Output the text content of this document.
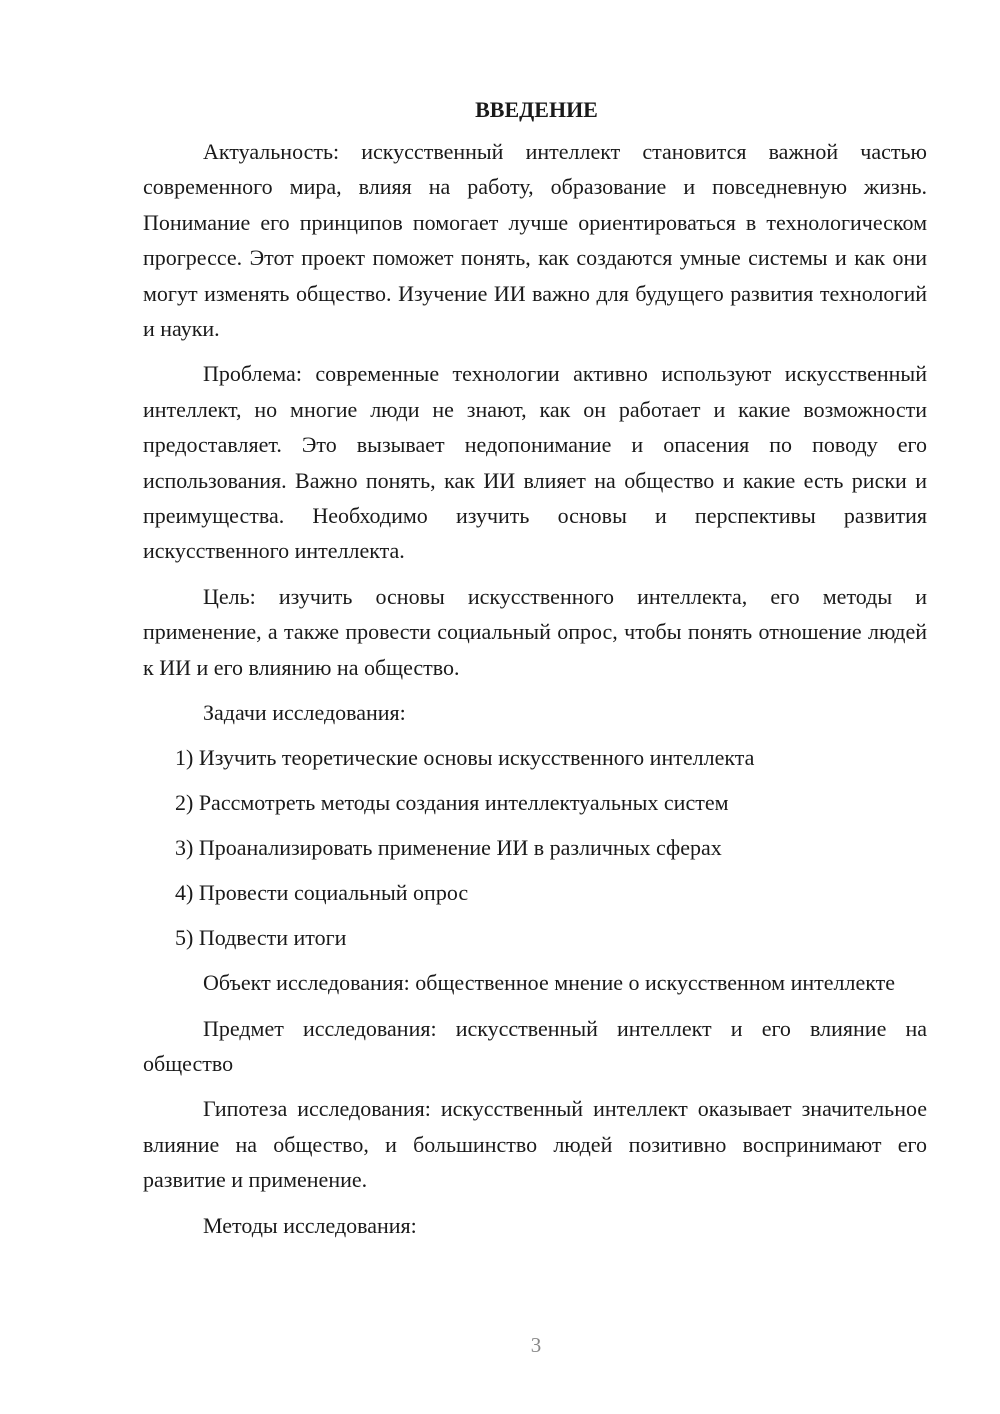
ВВЕДЕНИЕ

Актуальность: искусственный интеллект становится важной частью современного мира, влияя на работу, образование и повседневную жизнь. Понимание его принципов помогает лучше ориентироваться в технологическом прогрессе. Этот проект поможет понять, как создаются умные системы и как они могут изменять общество. Изучение ИИ важно для будущего развития технологий и науки.

Проблема: современные технологии активно используют искусственный интеллект, но многие люди не знают, как он работает и какие возможности предоставляет. Это вызывает недопонимание и опасения по поводу его использования. Важно понять, как ИИ влияет на общество и какие есть риски и преимущества. Необходимо изучить основы и перспективы развития искусственного интеллекта.

Цель: изучить основы искусственного интеллекта, его методы и применение, а также провести социальный опрос, чтобы понять отношение людей к ИИ и его влиянию на общество.

Задачи исследования:

1) Изучить теоретические основы искусственного интеллекта
2) Рассмотреть методы создания интеллектуальных систем
3) Проанализировать применение ИИ в различных сферах
4) Провести социальный опрос
5) Подвести итоги

Объект исследования: общественное мнение о искусственном интеллекте

Предмет исследования: искусственный интеллект и его влияние на общество

Гипотеза исследования: искусственный интеллект оказывает значительное влияние на общество, и большинство людей позитивно воспринимают его развитие и применение.

Методы исследования:

3
